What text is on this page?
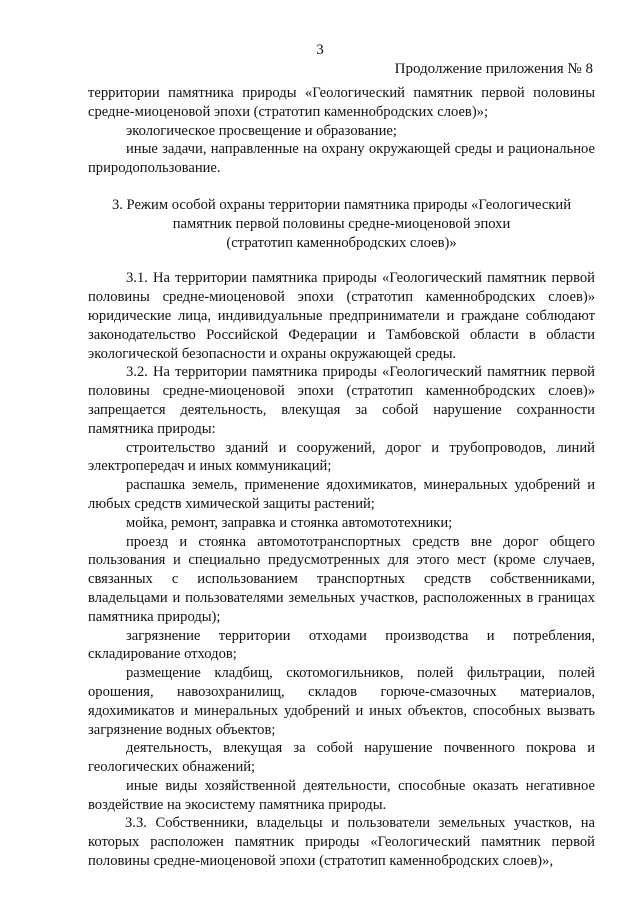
3
Продолжение приложения № 8

территории памятника природы «Геологический памятник первой половины средне-миоценовой эпохи (стратотип каменнобродских слоев)»;

экологическое просвещение и образование;

иные задачи, направленные на охрану окружающей среды и рациональное природопользование.

3. Режим особой охраны территории памятника природы «Геологический
памятник первой половины средне-миоценовой эпохи
(стратотип каменнобродских слоев)»

3.1. На территории памятника природы «Геологический памятник первой половины средне-миоценовой эпохи (стратотип каменнобродских слоев)» юридические лица, индивидуальные предприниматели и граждане соблюдают законодательство Российской Федерации и Тамбовской области в области экологической безопасности и охраны окружающей среды.

3.2. На территории памятника природы «Геологический памятник первой половины средне-миоценовой эпохи (стратотип каменнобродских слоев)» запрещается деятельность, влекущая за собой нарушение сохранности памятника природы:

строительство зданий и сооружений, дорог и трубопроводов, линий электропередач и иных коммуникаций;

распашка земель, применение ядохимикатов, минеральных удобрений и любых средств химической защиты растений;

мойка, ремонт, заправка и стоянка автомототехники;

проезд и стоянка автомототранспортных средств вне дорог общего пользования и специально предусмотренных для этого мест (кроме случаев, связанных с использованием транспортных средств собственниками, владельцами и пользователями земельных участков, расположенных в границах памятника природы);

загрязнение территории отходами производства и потребления, складирование отходов;

размещение кладбищ, скотомогильников, полей фильтрации, полей орошения, навозохранилищ, складов горюче-смазочных материалов, ядохимикатов и минеральных удобрений и иных объектов, способных вызвать загрязнение водных объектов;

деятельность, влекущая за собой нарушение почвенного покрова и геологических обнажений;

иные виды хозяйственной деятельности, способные оказать негативное воздействие на экосистему памятника природы.

3.3. Собственники, владельцы и пользователи земельных участков, на которых расположен памятник природы «Геологический памятник первой половины средне-миоценовой эпохи (стратотип каменнобродских слоев)»,
